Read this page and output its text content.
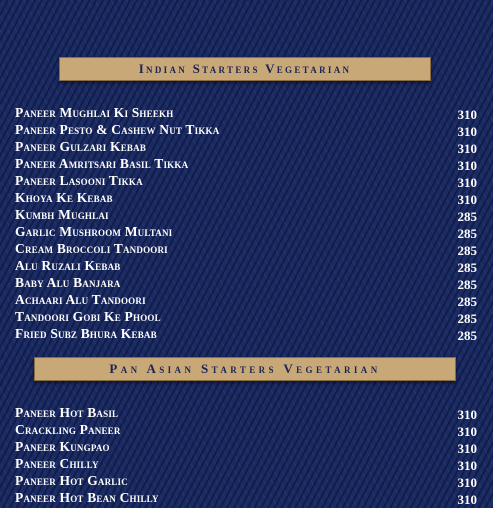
Indian Starters Vegetarian
Paneer Mughlai Ki Sheekh	310
Paneer Pesto & Cashew Nut Tikka	310
Paneer Gulzari Kebab	310
Paneer Amritsari Basil Tikka	310
Paneer Lasooni Tikka	310
Khoya Ke Kebab	310
Kumbh Mughlai	285
Garlic Mushroom Multani	285
Cream Broccoli Tandoori	285
Alu Ruzali Kebab	285
Baby Alu Banjara	285
Achaari Alu Tandoori	285
Tandoori Gobi Ke Phool	285
Fried Subz Bhura Kebab	285
Pan Asian Starters Vegetarian
Paneer Hot Basil	310
Crackling Paneer	310
Paneer Kungpao	310
Paneer Chilly	310
Paneer Hot Garlic	310
Paneer Hot Bean Chilly	310
